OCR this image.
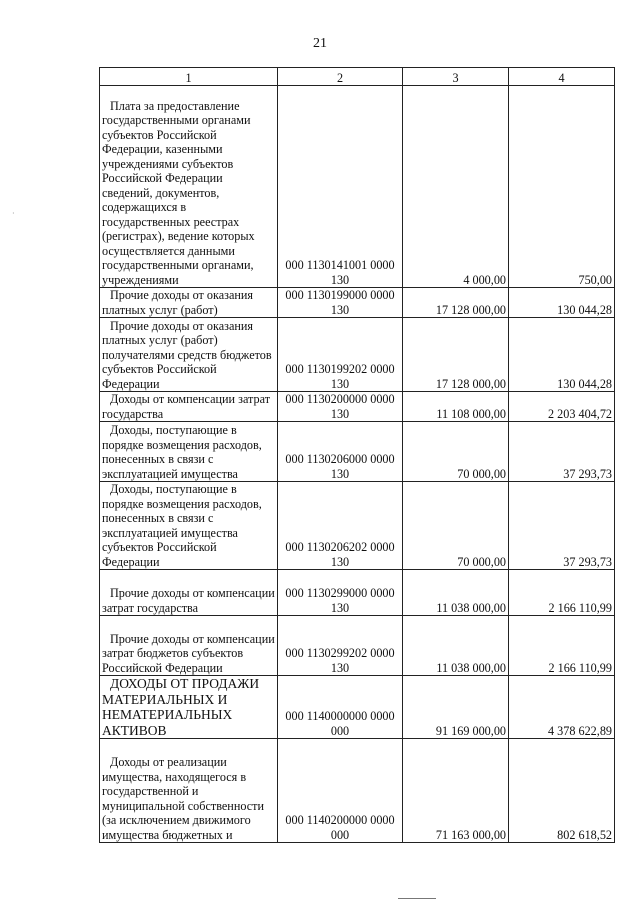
21
1	2	3	4
Плата за предоставление государственными органами субъектов Российской Федерации, казенными учреждениями субъектов Российской Федерации сведений, документов, содержащихся в государственных реестрах (регистрах), ведение которых осуществляется данными государственными органами, учреждениями	000 1130141001 0000 130	4 000,00	750,00
Прочие доходы от оказания платных услуг (работ)	000 1130199000 0000 130	17 128 000,00	130 044,28
Прочие доходы от оказания платных услуг (работ) получателями средств бюджетов субъектов Российской Федерации	000 1130199202 0000 130	17 128 000,00	130 044,28
Доходы от компенсации затрат государства	000 1130200000 0000 130	11 108 000,00	2 203 404,72
Доходы, поступающие в порядке возмещения расходов, понесенных в связи с эксплуатацией имущества	000 1130206000 0000 130	70 000,00	37 293,73
Доходы, поступающие в порядке возмещения расходов, понесенных в связи с эксплуатацией имущества субъектов Российской Федерации	000 1130206202 0000 130	70 000,00	37 293,73
Прочие доходы от компенсации затрат государства	000 1130299000 0000 130	11 038 000,00	2 166 110,99
Прочие доходы от компенсации затрат бюджетов субъектов Российской Федерации	000 1130299202 0000 130	11 038 000,00	2 166 110,99
ДОХОДЫ ОТ ПРОДАЖИ МАТЕРИАЛЬНЫХ И НЕМАТЕРИАЛЬНЫХ АКТИВОВ	000 1140000000 0000 000	91 169 000,00	4 378 622,89
Доходы от реализации имущества, находящегося в государственной и муниципальной собственности (за исключением движимого имущества бюджетных и	000 1140200000 0000 000	71 163 000,00	802 618,52
·
